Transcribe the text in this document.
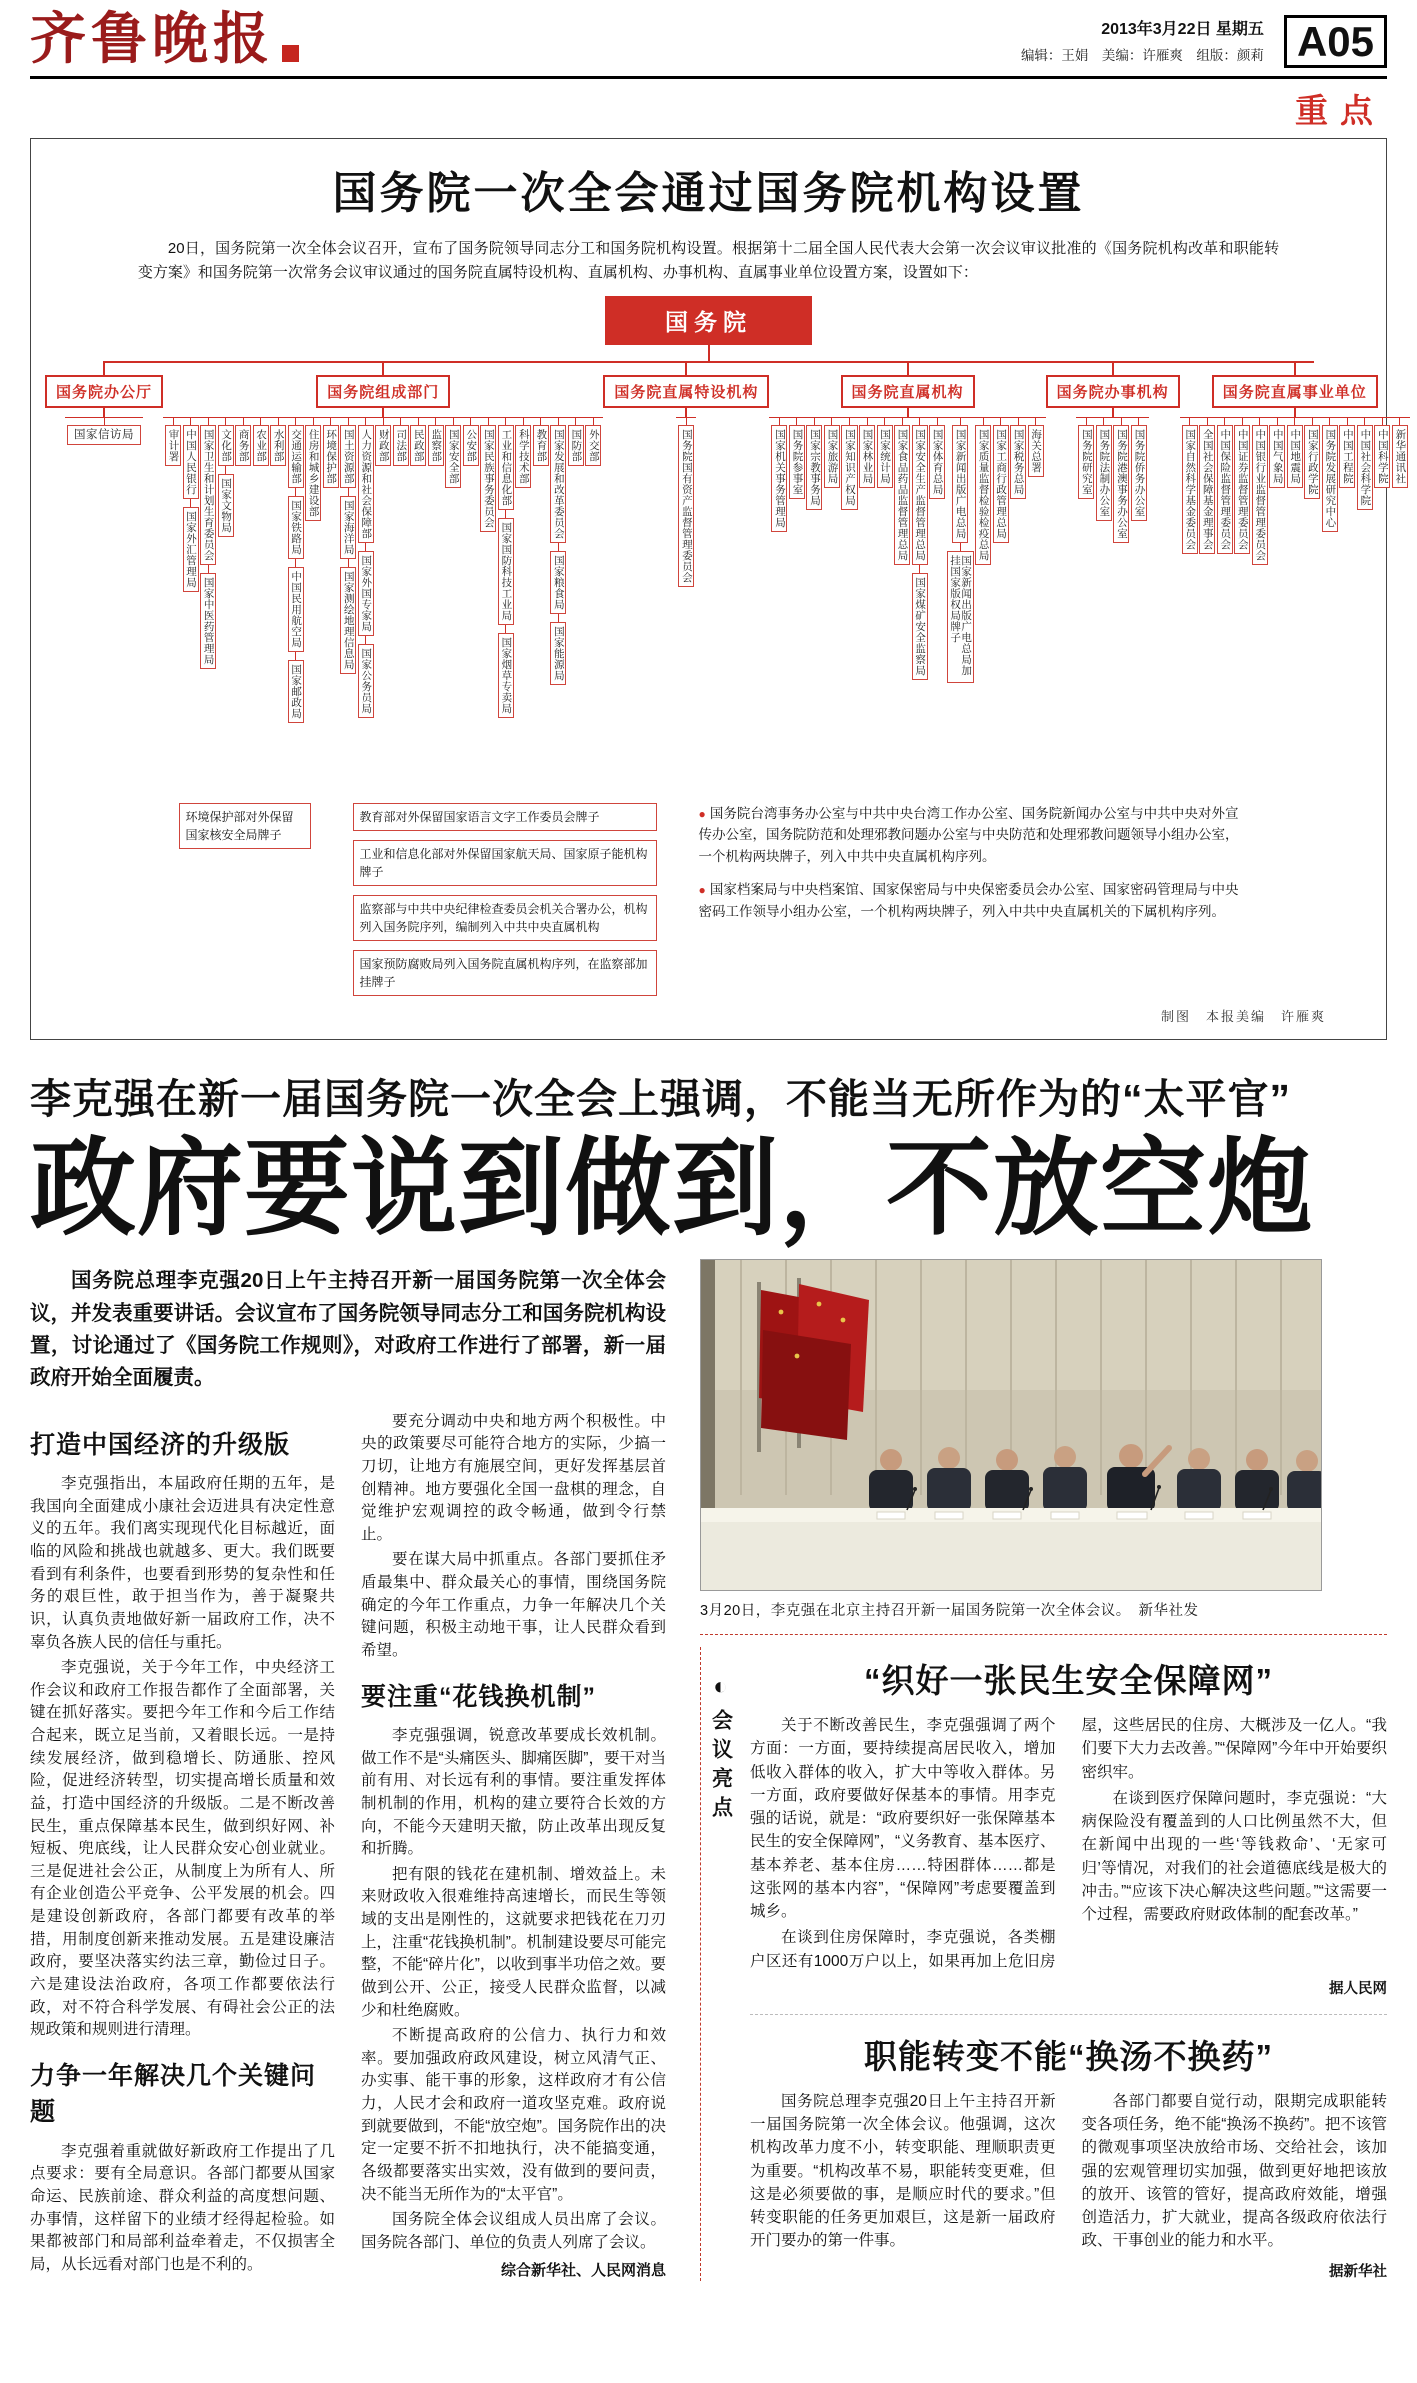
齐鲁晚报	2013年3月22日 星期五
编辑：王娟　美编：许雁爽　组版：颜莉 A05
重点
国务院一次全会通过国务院机构设置
20日，国务院第一次全体会议召开，宣布了国务院领导同志分工和国务院机构设置。根据第十二届全国人民代表大会第一次会议审议批准的《国务院机构改革和职能转变方案》和国务院第一次常务会议审议通过的国务院直属特设机构、直属机构、办事机构、直属事业单位设置方案，设置如下：
国务院
国务院办公厅
国家信访局
国务院组成部门
审计署 中国人民银行
国家外汇管理局 国家卫生和计划生育委员会
国家中医药管理局
文化部
国家文物局
商务部 农业部 水利部 交通运输部
国家铁路局
中国民用航空局
国家邮政局
住房和城乡建设部 环境保护部 国土资源部
国家海洋局
国家测绘地理信息局
人力资源和社会保障部
国家外国专家局
国家公务员局
财政部 司法部 民政部 监察部 国家安全部 公安部 国家民族事务委员会 工业和信息化部
国家国防科技工业局
国家烟草专卖局
科学技术部 教育部 国家发展和改革委员会
国家粮食局
国家能源局
国防部 外交部
国务院直属特设机构
国务院国有资产监督管理委员会
国务院直属机构
国家机关事务管理局 国务院参事室 国家宗教事务局 国家旅游局 国家知识产权局 国家林业局 国家统计局 国家食品药品监督管理总局 国家安全生产监督管理总局
国家煤矿安全监察局
国家体育总局 国家新闻出版广电总局
国家新闻出版广电总局加挂国家版权局牌子
国家质量监督检验检疫总局 国家工商行政管理总局 国家税务总局 海关总署
国务院办事机构
国务院研究室 国务院法制办公室 国务院港澳事务办公室 国务院侨务办公室
国务院直属事业单位
国家自然科学基金委员会 全国社会保障基金理事会 中国保险监督管理委员会 中国证券监督管理委员会 中国银行业监督管理委员会 中国气象局 中国地震局 国家行政学院 国务院发展研究中心 中国工程院 中国社会科学院 中国科学院 新华通讯社
环境保护部对外保留国家核安全局牌子
教育部对外保留国家语言文字工作委员会牌子
工业和信息化部对外保留国家航天局、国家原子能机构牌子
监察部与中共中央纪律检查委员会机关合署办公，机构列入国务院序列，编制列入中共中央直属机构
国家预防腐败局列入国务院直属机构序列，在监察部加挂牌子
● 国务院台湾事务办公室与中共中央台湾工作办公室、国务院新闻办公室与中共中央对外宣传办公室，国务院防范和处理邪教问题办公室与中央防范和处理邪教问题领导小组办公室，一个机构两块牌子，列入中共中央直属机构序列。
● 国家档案局与中央档案馆、国家保密局与中央保密委员会办公室、国家密码管理局与中央密码工作领导小组办公室，一个机构两块牌子，列入中共中央直属机关的下属机构序列。
制图　本报美编　许雁爽
李克强在新一届国务院一次全会上强调，不能当无所作为的“太平官”
政府要说到做到，不放空炮

国务院总理李克强20日上午主持召开新一届国务院第一次全体会议，并发表重要讲话。会议宣布了国务院领导同志分工和国务院机构设置，讨论通过了《国务院工作规则》，对政府工作进行了部署，新一届政府开始全面履责。

打造中国经济的升级版

李克强指出，本届政府任期的五年，是我国向全面建成小康社会迈进具有决定性意义的五年。我们离实现现代化目标越近，面临的风险和挑战也就越多、更大。我们既要看到有利条件，也要看到形势的复杂性和任务的艰巨性，敢于担当作为，善于凝聚共识，认真负责地做好新一届政府工作，决不辜负各族人民的信任与重托。

李克强说，关于今年工作，中央经济工作会议和政府工作报告都作了全面部署，关键在抓好落实。要把今年工作和今后工作结合起来，既立足当前，又着眼长远。一是持续发展经济，做到稳增长、防通胀、控风险，促进经济转型，切实提高增长质量和效益，打造中国经济的升级版。二是不断改善民生，重点保障基本民生，做到织好网、补短板、兜底线，让人民群众安心创业就业。三是促进社会公正，从制度上为所有人、所有企业创造公平竞争、公平发展的机会。四是建设创新政府，各部门都要有改革的举措，用制度创新来推动发展。五是建设廉洁政府，要坚决落实约法三章，勤俭过日子。六是建设法治政府，各项工作都要依法行政，对不符合科学发展、有碍社会公正的法规政策和规则进行清理。

力争一年解决几个关键问题

李克强着重就做好新政府工作提出了几点要求：要有全局意识。各部门都要从国家命运、民族前途、群众利益的高度想问题、办事情，这样留下的业绩才经得起检验。如果都被部门和局部利益牵着走，不仅损害全局，从长远看对部门也是不利的。

要充分调动中央和地方两个积极性。中央的政策要尽可能符合地方的实际，少搞一刀切，让地方有施展空间，更好发挥基层首创精神。地方要强化全国一盘棋的理念，自觉维护宏观调控的政令畅通，做到令行禁止。

要在谋大局中抓重点。各部门要抓住矛盾最集中、群众最关心的事情，围绕国务院确定的今年工作重点，力争一年解决几个关键问题，积极主动地干事，让人民群众看到希望。

要注重“花钱换机制”

李克强强调，锐意改革要成长效机制。做工作不是“头痛医头、脚痛医脚”，要干对当前有用、对长远有利的事情。要注重发挥体制机制的作用，机构的建立要符合长效的方向，不能今天建明天撤，防止改革出现反复和折腾。

把有限的钱花在建机制、增效益上。未来财政收入很难维持高速增长，而民生等领域的支出是刚性的，这就要求把钱花在刀刃上，注重“花钱换机制”。机制建设要尽可能完整，不能“碎片化”，以收到事半功倍之效。要做到公开、公正，接受人民群众监督，以减少和杜绝腐败。

不断提高政府的公信力、执行力和效率。要加强政府政风建设，树立风清气正、办实事、能干事的形象，这样政府才有公信力，人民才会和政府一道攻坚克难。政府说到就要做到，不能“放空炮”。国务院作出的决定一定要不折不扣地执行，决不能搞变通，各级都要落实出实效，没有做到的要问责，决不能当无所作为的“太平官”。

国务院全体会议组成人员出席了会议。国务院各部门、单位的负责人列席了会议。

综合新华社、人民网消息
3月20日，李克强在北京主持召开新一届国务院第一次全体会议。　新华社发
◐
会议亮点
“织好一张民生安全保障网”

关于不断改善民生，李克强强调了两个方面：一方面，要持续提高居民收入，增加低收入群体的收入，扩大中等收入群体。另一方面，政府要做好保基本的事情。用李克强的话说，就是：“政府要织好一张保障基本民生的安全保障网”，“义务教育、基本医疗、基本养老、基本住房……特困群体……都是这张网的基本内容”，“保障网”考虑要覆盖到城乡。

在谈到住房保障时，李克强说，各类棚户区还有1000万户以上，如果再加上危旧房屋，这些居民的住房、大概涉及一亿人。“我们要下大力去改善。”“保障网”今年中开始要织密织牢。

在谈到医疗保障问题时，李克强说：“大病保险没有覆盖到的人口比例虽然不大，但在新闻中出现的一些‘等钱救命’、‘无家可归’等情况，对我们的社会道德底线是极大的冲击。”“应该下决心解决这些问题。”“这需要一个过程，需要政府财政体制的配套改革。”

据人民网
职能转变不能“换汤不换药”

国务院总理李克强20日上午主持召开新一届国务院第一次全体会议。他强调，这次机构改革力度不小，转变职能、理顺职责更为重要。“机构改革不易，职能转变更难，但这是必须要做的事，是顺应时代的要求。”但转变职能的任务更加艰巨，这是新一届政府开门要办的第一件事。

各部门都要自觉行动，限期完成职能转变各项任务，绝不能“换汤不换药”。把不该管的微观事项坚决放给市场、交给社会，该加强的宏观管理切实加强，做到更好地把该放的放开、该管的管好，提高政府效能，增强创造活力，扩大就业，提高各级政府依法行政、干事创业的能力和水平。

据新华社
